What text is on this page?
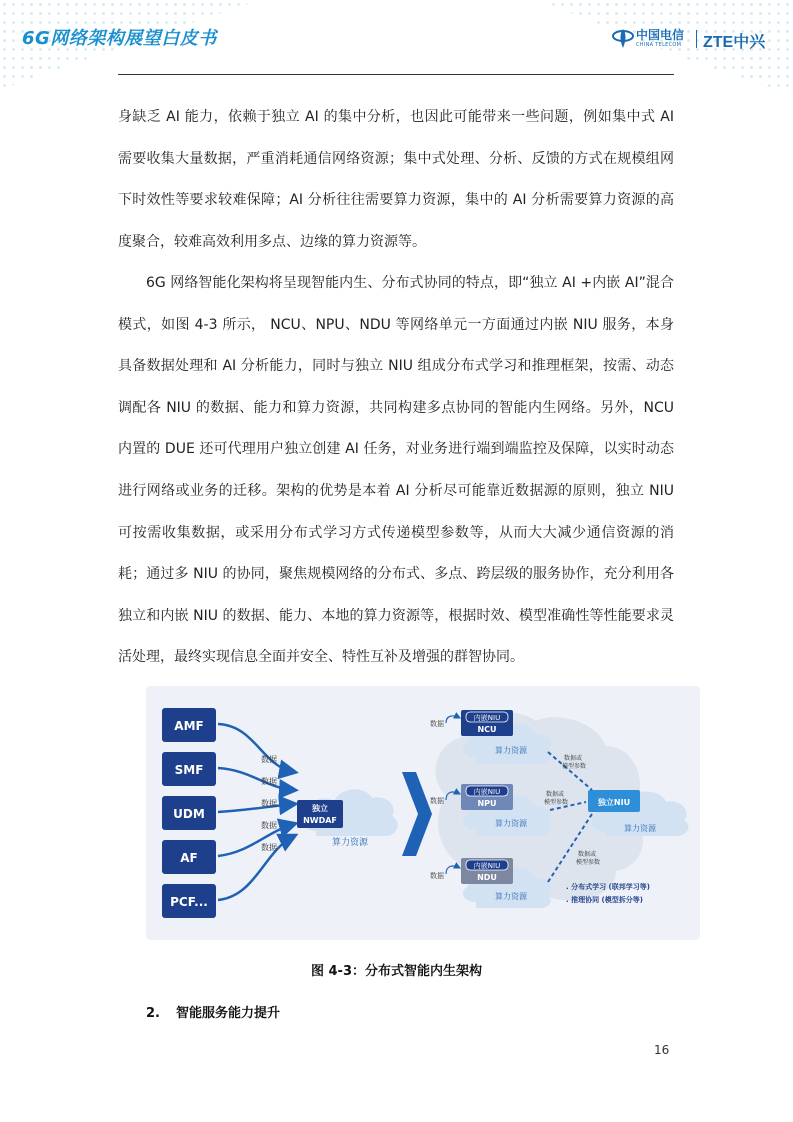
6G网络架构展望白皮书	中国电信
CHINA TELECOM ZTE中兴

身缺乏 AI 能力，依赖于独立 AI 的集中分析，也因此可能带来一些问题，例如集中式 AI 需要收集大量数据，严重消耗通信网络资源；集中式处理、分析、反馈的方式在规模组网下时效性等要求较难保障；AI 分析往往需要算力资源，集中的 AI 分析需要算力资源的高度聚合，较难高效利用多点、边缘的算力资源等。

6G 网络智能化架构将呈现智能内生、分布式协同的特点，即“独立 AI +内嵌 AI”混合模式，如图 4-3 所示， NCU、NPU、NDU 等网络单元一方面通过内嵌 NIU 服务，本身具备数据处理和 AI 分析能力，同时与独立 NIU 组成分布式学习和推理框架，按需、动态调配各 NIU 的数据、能力和算力资源，共同构建多点协同的智能内生网络。另外，NCU 内置的 DUE 还可代理用户独立创建 AI 任务，对业务进行端到端监控及保障，以实时动态进行网络或业务的迁移。架构的优势是本着 AI 分析尽可能靠近数据源的原则，独立 NIU 可按需收集数据，或采用分布式学习方式传递模型参数等，从而大大减少通信资源的消耗；通过多 NIU 的协同，聚焦规模网络的分布式、多点、跨层级的服务协作，充分利用各独立和内嵌 NIU 的数据、能力、本地的算力资源等，根据时效、模型准确性等性能要求灵活处理，最终实现信息全面并安全、特性互补及增强的群智协同。

AMF
SMF
UDM
AF
PCF...
数据
数据
数据
数据
数据
独立
NWDAF
算力资源
内嵌NIU
NCU
算力资源
数据
内嵌NIU
NPU
算力资源
数据
内嵌NIU
NDU
算力资源
数据
独立NIU
算力资源
数据或
模型参数
数据或
模型参数
数据或
模型参数
. 分布式学习 (联邦学习等)
. 推理协同 (模型拆分等)
图 4-3：分布式智能内生架构
2. 智能服务能力提升
16
